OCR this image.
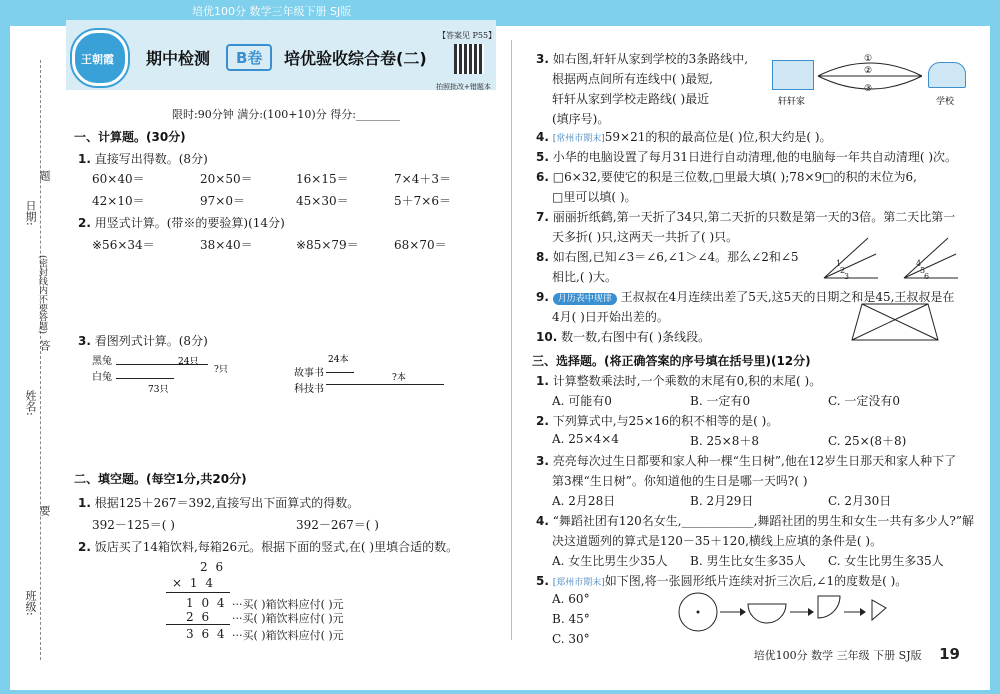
培优100分 数学三年级下册 SJ版
王朝霞 期中检测	B卷	培优验收综合卷(二)
【答案见 P55】
拍照批改+错题本
限时:90分钟 满分:(100+10)分 得分:________
日期:
题
(密封线内不要答题)
答
姓名:
要
班级:
一、计算题。(30分)
1. 直接写出得数。(8分)
60×40＝	20×50＝	16×15＝	7×4＋3＝
42×10＝	97×0＝	45×30＝	5＋7×6＝
2. 用竖式计算。(带※的要验算)(14分)
※56×34＝	38×40＝	※85×79＝	68×70＝
3. 看图列式计算。(8分)
黑兔
白兔
24只
?只
73只
24本
故事书
科技书
?本
二、填空题。(每空1分,共20分)
1. 根据125＋267＝392,直接写出下面算式的得数。
392－125＝( )	392－267＝( )
2. 饭店买了14箱饮料,每箱26元。根据下面的竖式,在( )里填合适的数。
2 6
× 1 4
1 0 4
2 6
3 6 4
···买( )箱饮料应付( )元
···买( )箱饮料应付( )元
···买( )箱饮料应付( )元
3. 如右图,轩轩从家到学校的3条路线中,
根据两点间所有连线中( )最短,
轩轩从家到学校走路线( )最近
(填序号)。
轩轩家
①
②
③
学校
4. [常州市期末]59×21的积的最高位是( )位,积大约是( )。
5. 小华的电脑设置了每月31日进行自动清理,他的电脑每一年共自动清理( )次。
6. □6×32,要使它的积是三位数,□里最大填( );78×9□的积的末位为6,
□里可以填( )。
7. 丽丽折纸鹤,第一天折了34只,第二天折的只数是第一天的3倍。第二天比第一
天多折( )只,这两天一共折了( )只。
8. 如右图,已知∠3＝∠6,∠1＞∠4。那么∠2和∠5
相比,( )大。
1
2
3
4
5
6
9. 月历表中规律 王叔叔在4月连续出差了5天,这5天的日期之和是45,王叔叔是在
4月( )日开始出差的。
10. 数一数,右图中有( )条线段。
三、选择题。(将正确答案的序号填在括号里)(12分)
1. 计算整数乘法时,一个乘数的末尾有0,积的末尾( )。
A. 可能有0	B. 一定有0	C. 一定没有0
2. 下列算式中,与25×16的积不相等的是( )。
A. 25×4×4	B. 25×8＋8	C. 25×(8＋8)
3. 亮亮每次过生日都要和家人种一棵“生日树”,他在12岁生日那天和家人种下了
第3棵“生日树”。你知道他的生日是哪一天吗?( )
A. 2月28日	B. 2月29日	C. 2月30日
4. “舞蹈社团有120名女生,____________,舞蹈社团的男生和女生一共有多少人?”解
决这道题列的算式是120－35＋120,横线上应填的条件是( )。
A. 女生比男生少35人 B. 男生比女生多35人 C. 女生比男生多35人
5. [郑州市期末]如下图,将一张圆形纸片连续对折三次后,∠1的度数是( )。
A. 60°
B. 45°
C. 30°
培优100分 数学 三年级 下册 SJ版 19
